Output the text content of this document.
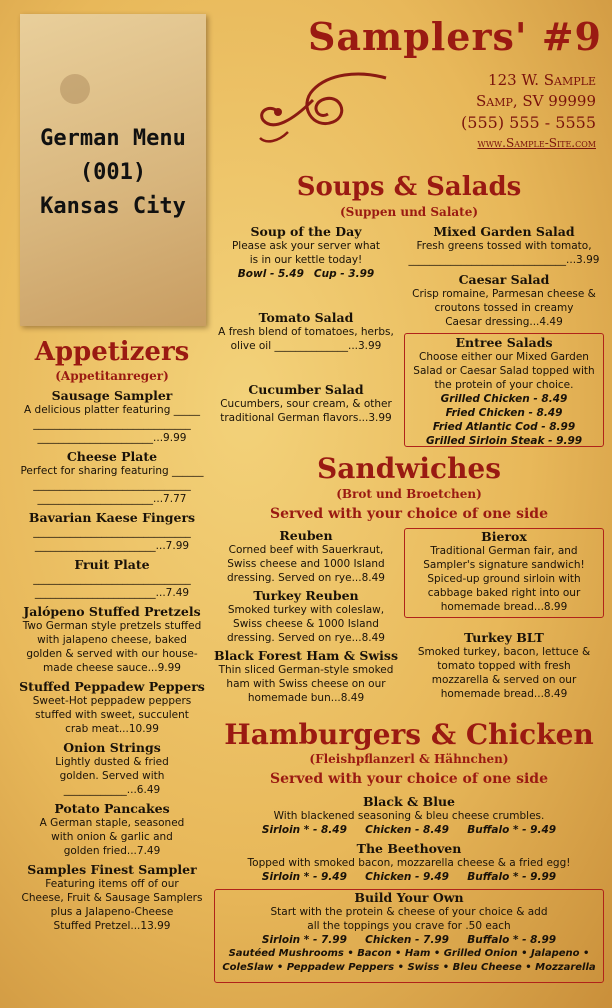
German Menu
(001)
Kansas City
Samplers' #9
123 W. Sample
Samp, SV 99999
(555) 555 - 5555
www.Sample-Site.com
Soups & Salads
(Suppen und Salate)
Soup of the Day
Please ask your server what
is in our kettle today!
Bowl - 5.49 Cup - 3.99
Tomato Salad
A fresh blend of tomatoes, herbs,
olive oil ______________...3.99
Cucumber Salad
Cucumbers, sour cream, & other
traditional German flavors...3.99
Mixed Garden Salad
Fresh greens tossed with tomato,
______________________________...3.99
Caesar Salad
Crisp romaine, Parmesan cheese &
croutons tossed in creamy
Caesar dressing...4.49
Entree Salads
Choose either our Mixed Garden
Salad or Caesar Salad topped with
the protein of your choice.
Grilled Chicken - 8.49
Fried Chicken - 8.49
Fried Atlantic Cod - 8.99
Grilled Sirloin Steak - 9.99
Appetizers
(Appetitanreger)
Sausage Sampler
A delicious platter featuring _____
______________________________
______________________...9.99
Cheese Plate
Perfect for sharing featuring ______
______________________________
______________________...7.77
Bavarian Kaese Fingers
______________________________
_______________________...7.99
Fruit Plate
______________________________
_______________________...7.49
Jalópeno Stuffed Pretzels
Two German style pretzels stuffed
with jalapeno cheese, baked
golden & served with our house-
made cheese sauce...9.99
Stuffed Peppadew Peppers
Sweet-Hot peppadew peppers
stuffed with sweet, succulent
crab meat...10.99
Onion Strings
Lightly dusted & fried
golden. Served with
____________...6.49
Potato Pancakes
A German staple, seasoned
with onion & garlic and
golden fried...7.49
Samples Finest Sampler
Featuring items off of our
Cheese, Fruit & Sausage Samplers
plus a Jalapeno-Cheese
Stuffed Pretzel...13.99
Sandwiches
(Brot und Broetchen)
Served with your choice of one side
Reuben
Corned beef with Sauerkraut,
Swiss cheese and 1000 Island
dressing. Served on rye...8.49
Turkey Reuben
Smoked turkey with coleslaw,
Swiss cheese & 1000 Island
dressing. Served on rye...8.49
Black Forest Ham & Swiss
Thin sliced German-style smoked
ham with Swiss cheese on our
homemade bun...8.49
Bierox
Traditional German fair, and
Sampler's signature sandwich!
Spiced-up ground sirloin with
cabbage baked right into our
homemade bread...8.99
Turkey BLT
Smoked turkey, bacon, lettuce &
tomato topped with fresh
mozzarella & served on our
homemade bread...8.49
Hamburgers & Chicken
(Fleishpflanzerl & Hähnchen)
Served with your choice of one side
Black & Blue
With blackened seasoning & bleu cheese crumbles.
Sirloin * - 8.49     Chicken - 8.49     Buffalo * - 9.49
The Beethoven
Topped with smoked bacon, mozzarella cheese & a fried egg!
Sirloin * - 9.49     Chicken - 9.49     Buffalo * - 9.99
Build Your Own
Start with the protein & cheese of your choice & add
all the toppings you crave for .50 each
Sirloin * - 7.99     Chicken - 7.99     Buffalo * - 8.99
Sautéed Mushrooms • Bacon • Ham • Grilled Onion • Jalapeno •
ColeSlaw • Peppadew Peppers • Swiss • Bleu Cheese • Mozzarella
